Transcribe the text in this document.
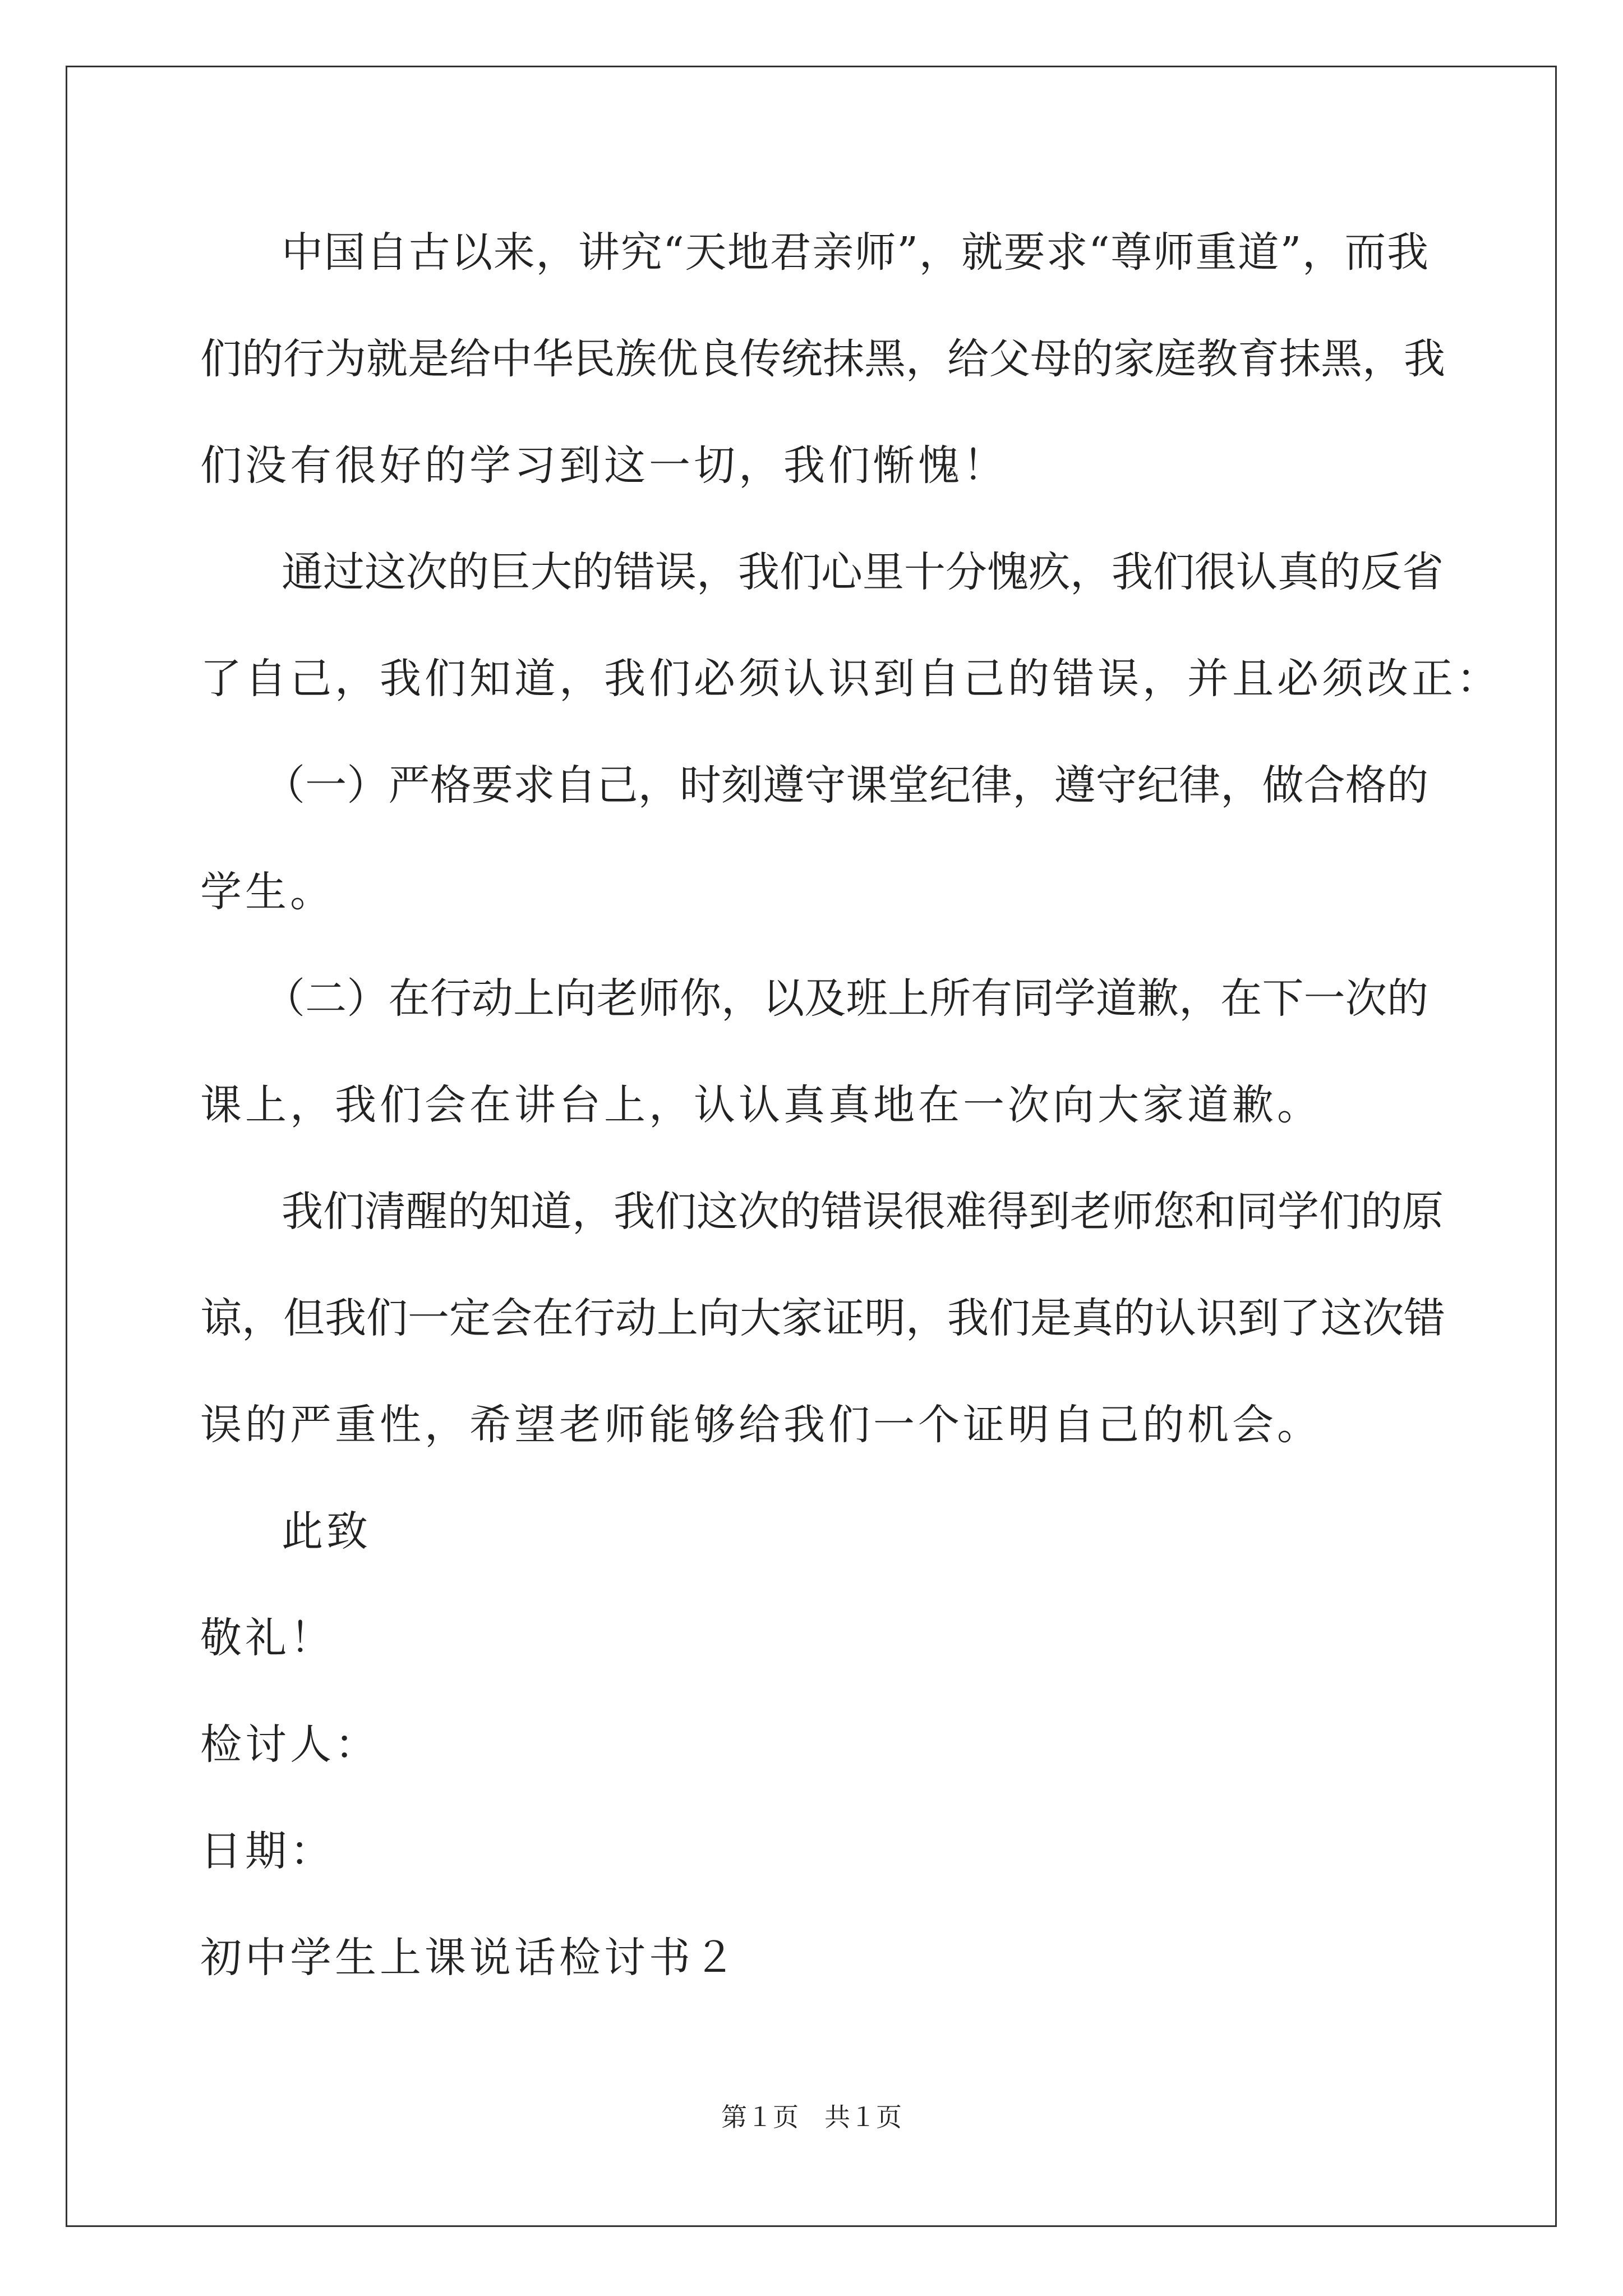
中国自古以来，讲究“天地君亲师”，就要求“尊师重道”，而我
们的行为就是给中华民族优良传统抹黑，给父母的家庭教育抹黑，我
们没有很好的学习到这一切，我们惭愧！
通过这次的巨大的错误，我们心里十分愧疚，我们很认真的反省
了自己，我们知道，我们必须认识到自己的错误，并且必须改正：
（一）严格要求自己，时刻遵守课堂纪律，遵守纪律，做合格的
学生。
（二）在行动上向老师你，以及班上所有同学道歉，在下一次的
课上，我们会在讲台上，认认真真地在一次向大家道歉。
我们清醒的知道，我们这次的错误很难得到老师您和同学们的原
谅，但我们一定会在行动上向大家证明，我们是真的认识到了这次错
误的严重性，希望老师能够给我们一个证明自己的机会。
此致
敬礼！
检讨人：
日期：
初中学生上课说话检讨书２
第１页　共１页
